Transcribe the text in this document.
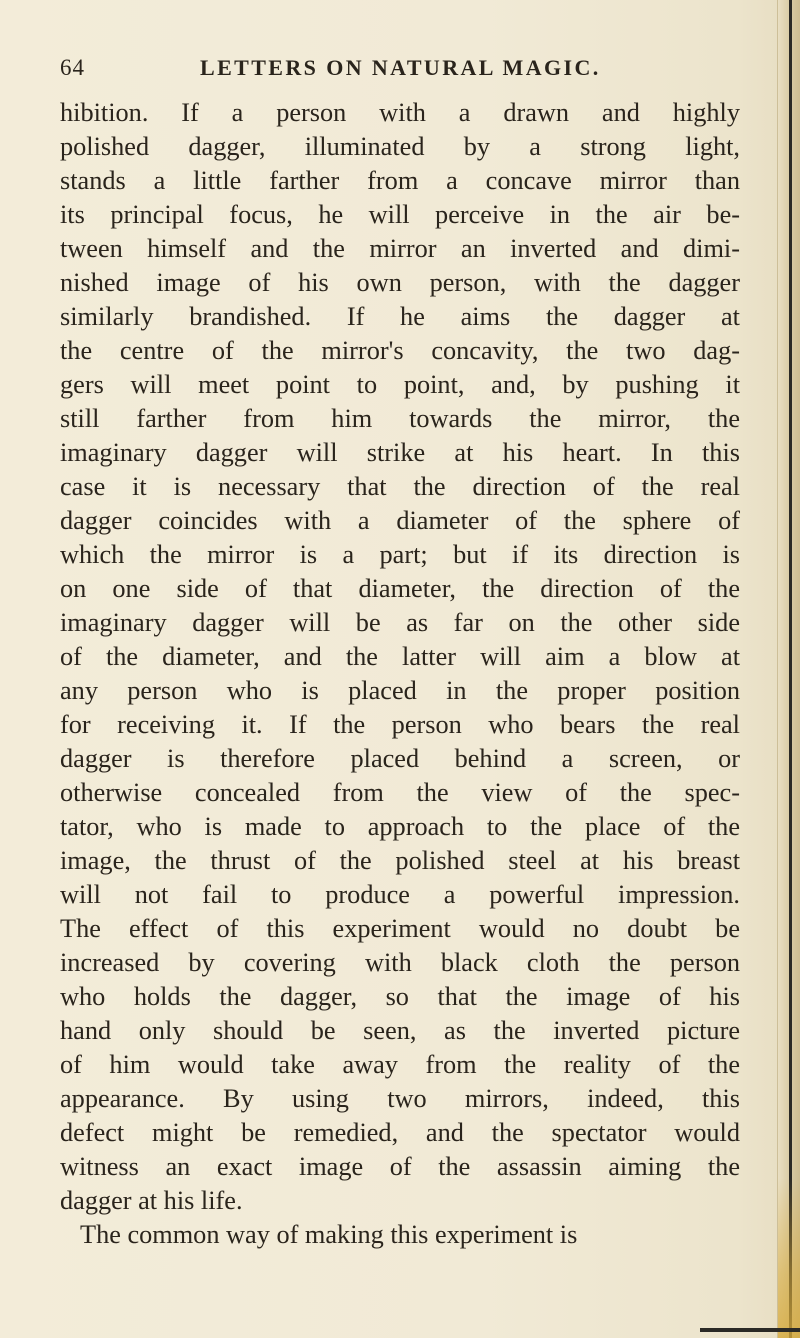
64	LETTERS ON NATURAL MAGIC.
hibition. If a person with a drawn and highly
polished dagger, illuminated by a strong light,
stands a little farther from a concave mirror than
its principal focus, he will perceive in the air be-
tween himself and the mirror an inverted and dimi-
nished image of his own person, with the dagger
similarly brandished. If he aims the dagger at
the centre of the mirror's concavity, the two dag-
gers will meet point to point, and, by pushing it
still farther from him towards the mirror, the
imaginary dagger will strike at his heart. In this
case it is necessary that the direction of the real
dagger coincides with a diameter of the sphere of
which the mirror is a part; but if its direction is
on one side of that diameter, the direction of the
imaginary dagger will be as far on the other side
of the diameter, and the latter will aim a blow at
any person who is placed in the proper position
for receiving it. If the person who bears the real
dagger is therefore placed behind a screen, or
otherwise concealed from the view of the spec-
tator, who is made to approach to the place of the
image, the thrust of the polished steel at his breast
will not fail to produce a powerful impression.
The effect of this experiment would no doubt be
increased by covering with black cloth the person
who holds the dagger, so that the image of his
hand only should be seen, as the inverted picture
of him would take away from the reality of the
appearance. By using two mirrors, indeed, this
defect might be remedied, and the spectator would
witness an exact image of the assassin aiming the
dagger at his life.
The common way of making this experiment is
